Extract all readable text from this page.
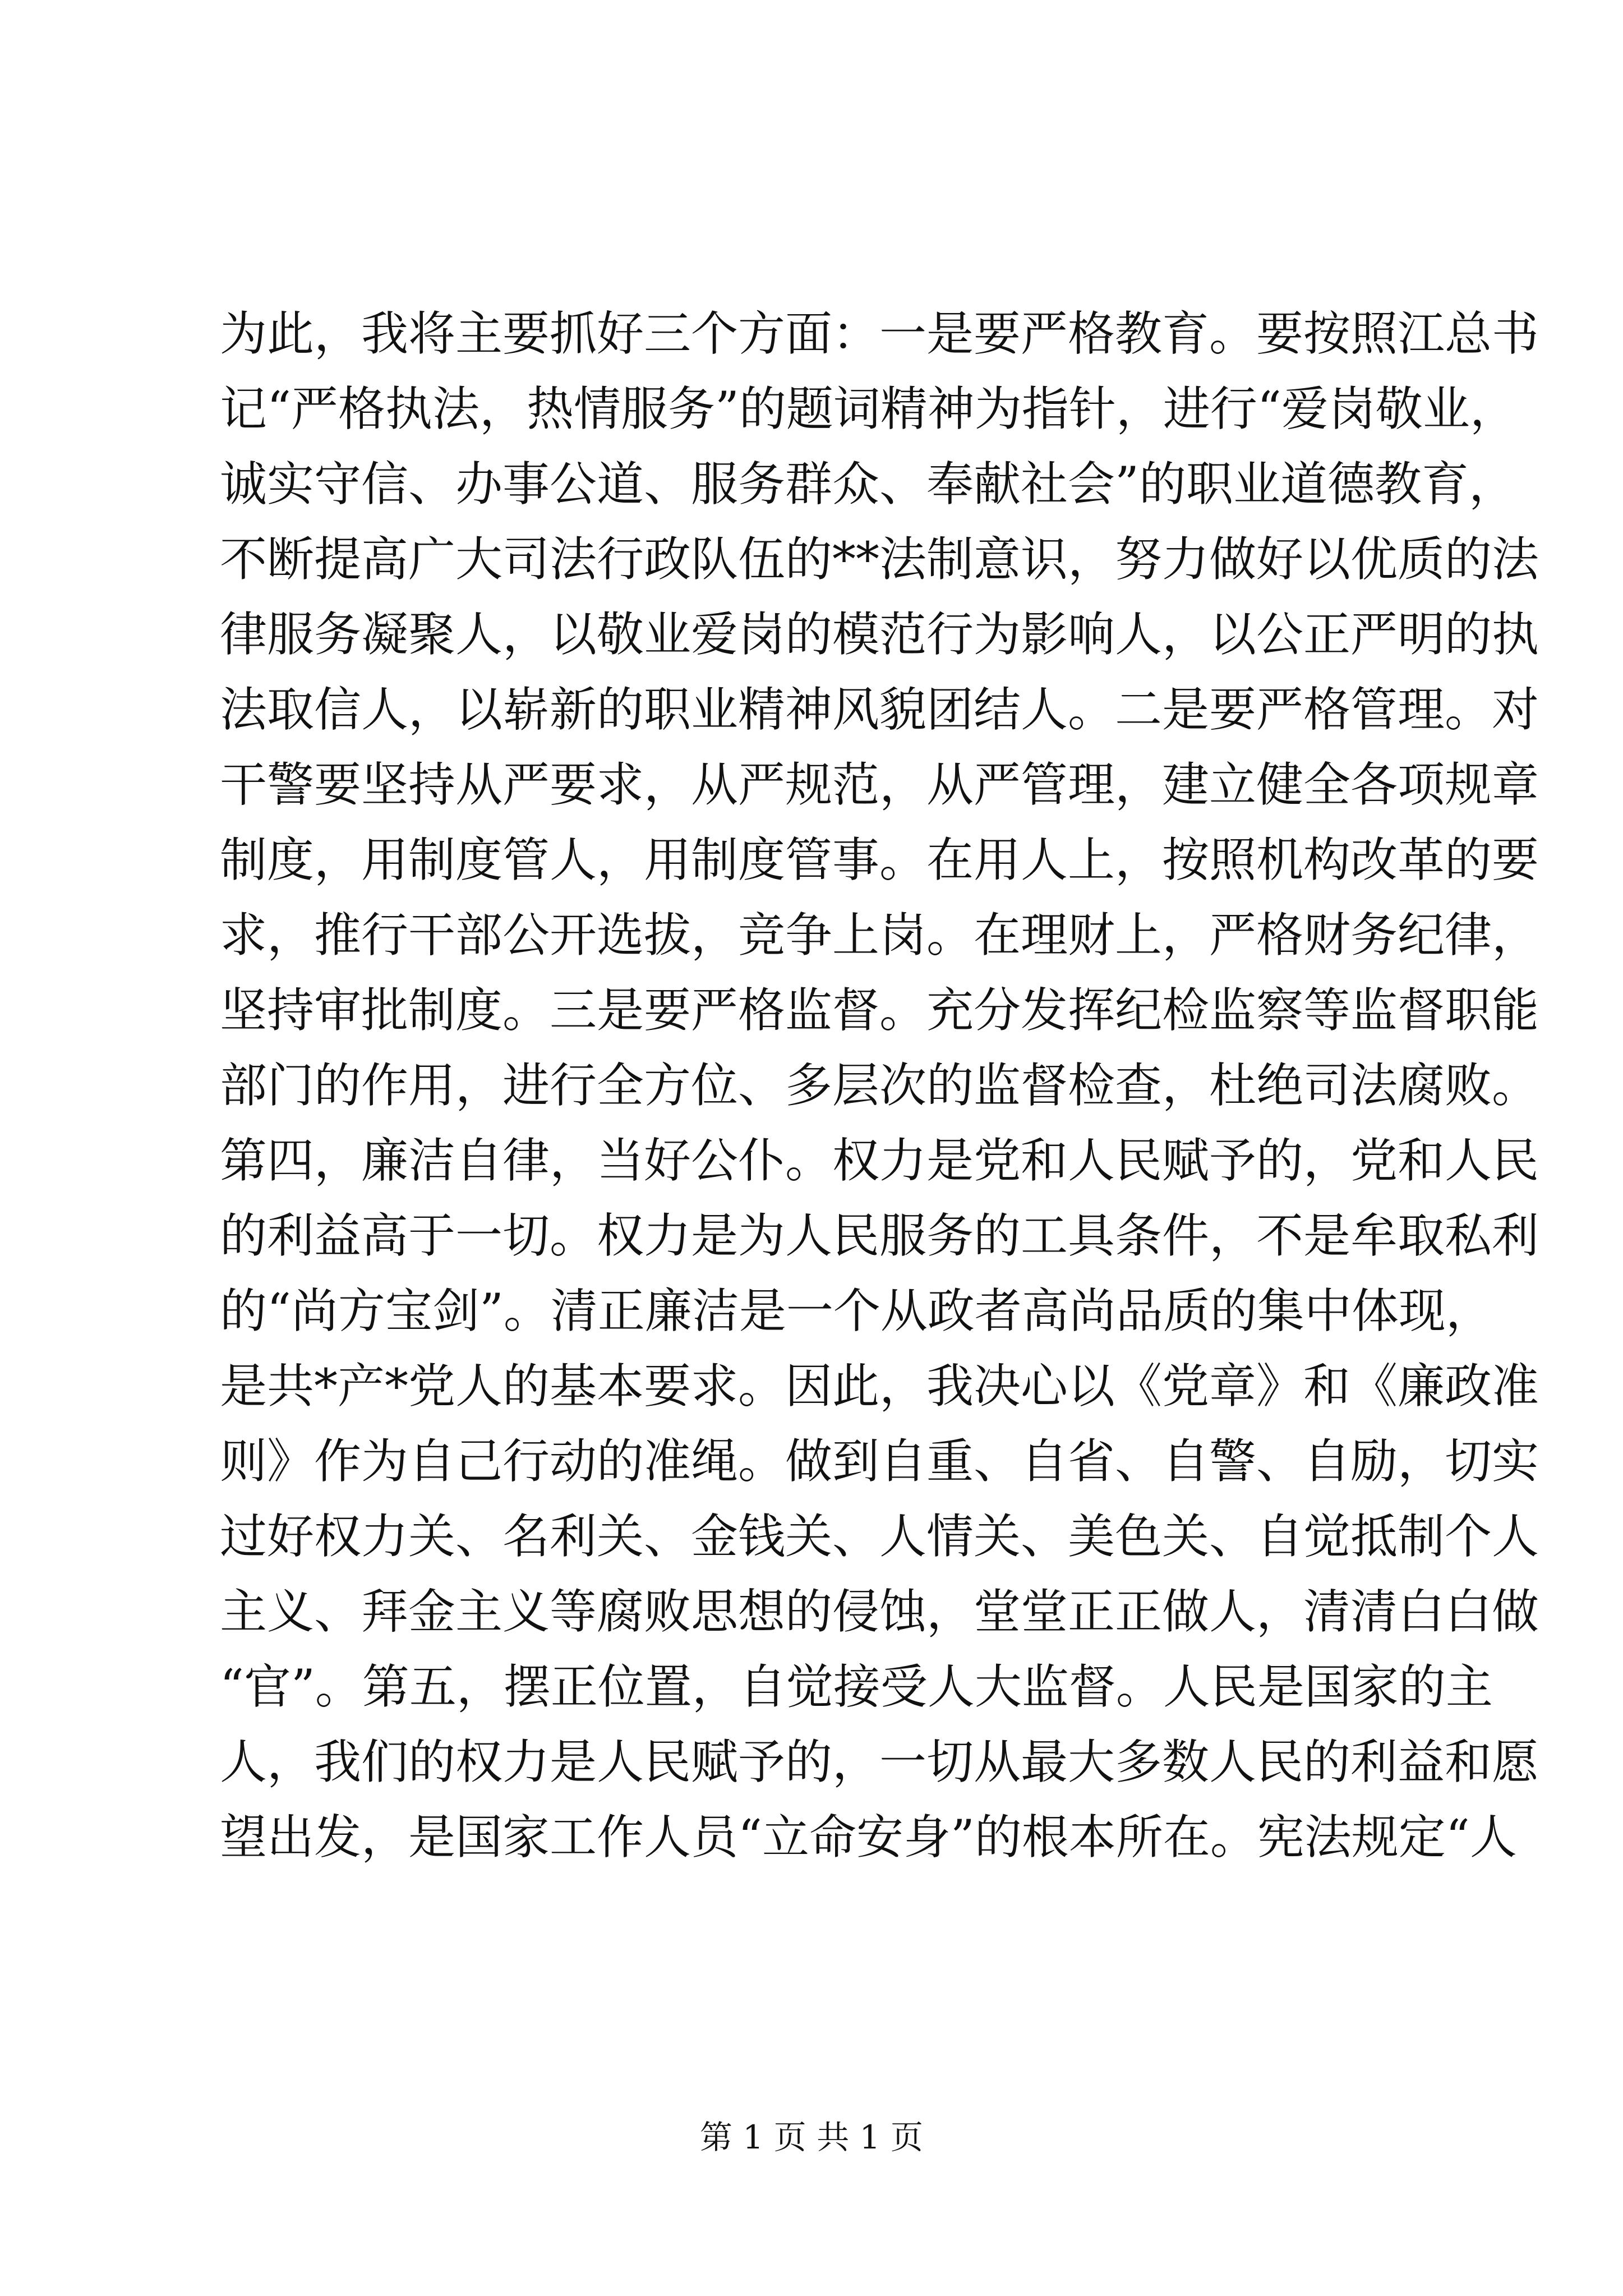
为此，我将主要抓好三个方面：一是要严格教育。要按照江总书
记“严格执法，热情服务”的题词精神为指针，进行“爱岗敬业，
诚实守信、办事公道、服务群众、奉献社会”的职业道德教育，
不断提高广大司法行政队伍的**法制意识，努力做好以优质的法
律服务凝聚人，以敬业爱岗的模范行为影响人，以公正严明的执
法取信人，以崭新的职业精神风貌团结人。二是要严格管理。对
干警要坚持从严要求，从严规范，从严管理，建立健全各项规章
制度，用制度管人，用制度管事。在用人上，按照机构改革的要
求，推行干部公开选拔，竞争上岗。在理财上，严格财务纪律，
坚持审批制度。三是要严格监督。充分发挥纪检监察等监督职能
部门的作用，进行全方位、多层次的监督检查，杜绝司法腐败。
第四，廉洁自律，当好公仆。权力是党和人民赋予的，党和人民
的利益高于一切。权力是为人民服务的工具条件，不是牟取私利
的“尚方宝剑”。清正廉洁是一个从政者高尚品质的集中体现，
是共*产*党人的基本要求。因此，我决心以《党章》和《廉政准
则》作为自己行动的准绳。做到自重、自省、自警、自励，切实
过好权力关、名利关、金钱关、人情关、美色关、自觉抵制个人
主义、拜金主义等腐败思想的侵蚀，堂堂正正做人，清清白白做
“官”。第五，摆正位置，自觉接受人大监督。人民是国家的主
人，我们的权力是人民赋予的，一切从最大多数人民的利益和愿
望出发，是国家工作人员“立命安身”的根本所在。宪法规定“人
第 1 页 共 1 页
